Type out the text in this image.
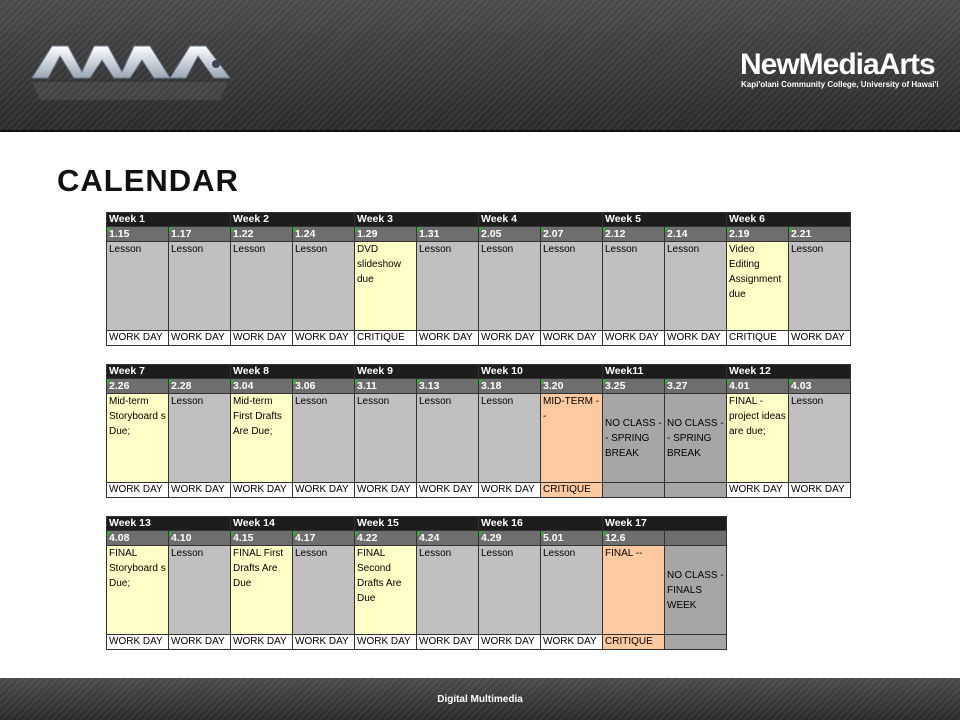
NewMediaArts
Kapi'olani Community College, University of Hawai'i
CALENDAR
Week 1		Week 2		Week 3		Week 4		Week 5		Week 6	
1.15	1.17	1.22	1.24	1.29	1.31	2.05	2.07	2.12	2.14	2.19	2.21
Lesson	Lesson	Lesson	Lesson	DVD slideshow due	Lesson	Lesson	Lesson	Lesson	Lesson	Video Editing Assignment due	Lesson
WORK DAY	WORK DAY	WORK DAY	WORK DAY	CRITIQUE	WORK DAY	WORK DAY	WORK DAY	WORK DAY	WORK DAY	CRITIQUE	WORK DAY
Week 7		Week 8		Week 9		Week 10		Week11		Week 12	
2.26	2.28	3.04	3.06	3.11	3.13	3.18	3.20	3.25	3.27	4.01	4.03
Mid-term Storyboard s Due;	Lesson	Mid-term First Drafts Are Due;	Lesson	Lesson	Lesson	Lesson	MID-TERM --	NO CLASS -- SPRING BREAK	NO CLASS -- SPRING BREAK	FINAL - project ideas are due;	Lesson
WORK DAY	WORK DAY	WORK DAY	WORK DAY	WORK DAY	WORK DAY	WORK DAY	CRITIQUE			WORK DAY	WORK DAY
Week 13		Week 14		Week 15		Week 16		Week 17	
4.08	4.10	4.15	4.17	4.22	4.24	4.29	5.01	12.6	
FINAL Storyboard s Due;	Lesson	FINAL First Drafts Are Due	Lesson	FINAL Second Drafts Are Due	Lesson	Lesson	Lesson	FINAL --	NO CLASS - FINALS WEEK
WORK DAY	WORK DAY	WORK DAY	WORK DAY	WORK DAY	WORK DAY	WORK DAY	WORK DAY	CRITIQUE	
Digital Multimedia
